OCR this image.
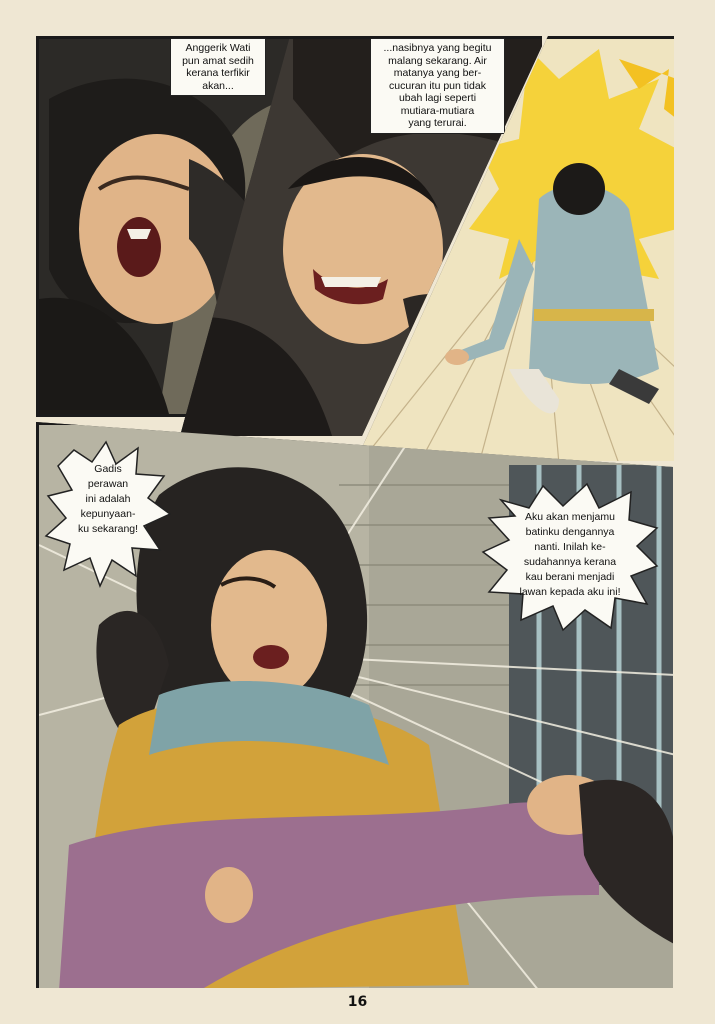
Anggerik Wati
pun amat sedih
kerana terfikir
akan...
...nasibnya yang begitu
malang sekarang. Air
matanya yang ber-
cucuran itu pun tidak
ubah lagi seperti
mutiara-mutiara
yang terurai.
Gadis
perawan
ini adalah
kepunyaan-
ku sekarang!
Aku akan menjamu
batinku dengannya
nanti. Inilah ke-
sudahannya kerana
kau berani menjadi
lawan kepada aku ini!
16
